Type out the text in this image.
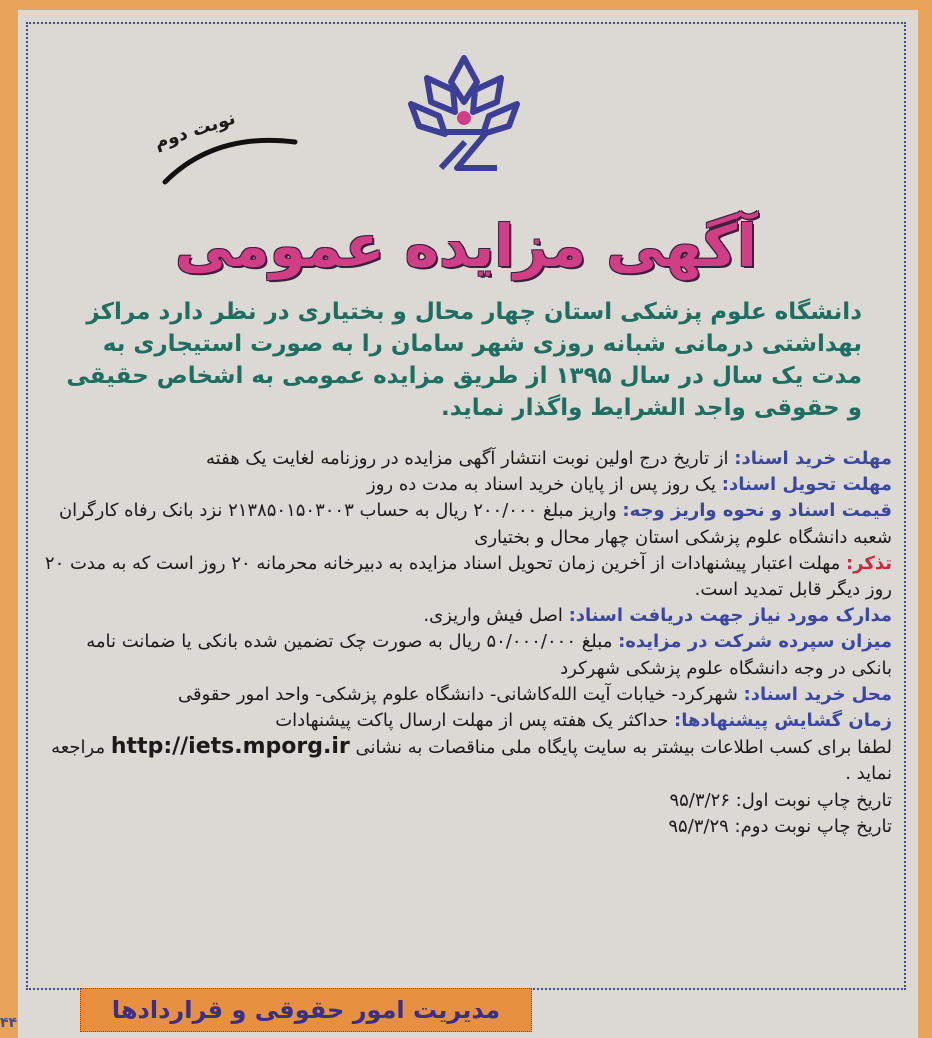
نوبت دوم
آگهی مزایده عمومی
دانشگاه علوم پزشکی استان چهار محال و بختیاری در نظر دارد مراکز بهداشتی درمانی شبانه روزی شهر سامان را به صورت استیجاری به مدت یک سال در سال ۱۳۹۵ از طریق مزایده عمومی به اشخاص حقیقی و حقوقی واجد الشرایط واگذار نماید.

مهلت خرید اسناد: از تاریخ درج اولین نوبت انتشار آگهی مزایده در روزنامه لغایت یک هفته

مهلت تحویل اسناد: یک روز پس از پایان خرید اسناد به مدت ده روز

قیمت اسناد و نحوه واریز وجه: واریز مبلغ ۲۰۰/۰۰۰ ریال به حساب ۲۱۳۸۵۰۱۵۰۳۰۰۳ نزد بانک رفاه کارگران شعبه دانشگاه علوم پزشکی استان چهار محال و بختیاری

تذکر: مهلت اعتبار پیشنهادات از آخرین زمان تحویل اسناد مزایده به دبیرخانه محرمانه ۲۰ روز است که به مدت ۲۰ روز دیگر قابل تمدید است.

مدارک مورد نیاز جهت دریافت اسناد: اصل فیش واریزی.

میزان سپرده شرکت در مزایده: مبلغ ۵۰/۰۰۰/۰۰۰ ریال به صورت چک تضمین شده بانکی یا ضمانت نامه بانکی در وجه دانشگاه علوم پزشکی شهرکرد

محل خرید اسناد: شهرکرد- خیابات آیت الله‌کاشانی- دانشگاه علوم پزشکی- واحد امور حقوقی

زمان گشایش پیشنهادها: حداکثر یک هفته پس از مهلت ارسال پاکت پیشنهادات

لطفا برای کسب اطلاعات بیشتر به سایت پایگاه ملی مناقصات به نشانی http://iets.mporg.ir مراجعه نماید .

تاریخ چاپ نوبت اول: ۹۵/۳/۲۶

تاریخ چاپ نوبت دوم: ۹۵/۳/۲۹

مدیریت امور حقوقی و قراردادها
۴۴
